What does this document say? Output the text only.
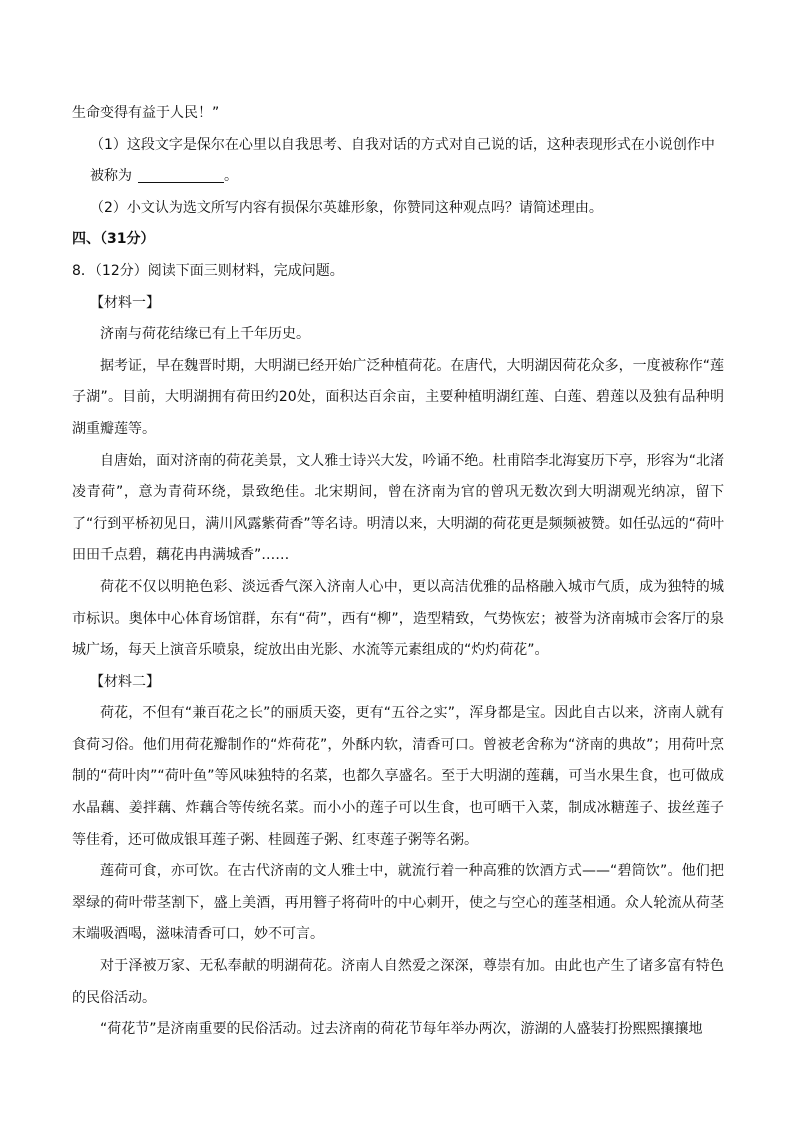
生命变得有益于人民！”

（1）这段文字是保尔在心里以自我思考、自我对话的方式对自己说的话，这种表现形式在小说创作中

被称为	。

（2）小文认为选文所写内容有损保尔英雄形象，你赞同这种观点吗？请简述理由。

四、（31分）

8．（12分）阅读下面三则材料，完成问题。

【材料一】

济南与荷花结缘已有上千年历史。

据考证，早在魏晋时期，大明湖已经开始广泛种植荷花。在唐代，大明湖因荷花众多，一度被称作“莲子湖”。目前，大明湖拥有荷田约20处，面积达百余亩，主要种植明湖红莲、白莲、碧莲以及独有品种明湖重瓣莲等。

自唐始，面对济南的荷花美景，文人雅士诗兴大发，吟诵不绝。杜甫陪李北海宴历下亭，形容为“北渚凌青荷”，意为青荷环绕，景致绝佳。北宋期间，曾在济南为官的曾巩无数次到大明湖观光纳凉，留下了“行到平桥初见日，满川风露紫荷香”等名诗。明清以来，大明湖的荷花更是频频被赞。如任弘远的“荷叶田田千点碧，藕花冉冉满城香”……

荷花不仅以明艳色彩、淡远香气深入济南人心中，更以高洁优雅的品格融入城市气质，成为独特的城市标识。奥体中心体育场馆群，东有“荷”，西有“柳”，造型精致，气势恢宏；被誉为济南城市会客厅的泉城广场，每天上演音乐喷泉，绽放出由光影、水流等元素组成的“灼灼荷花”。

【材料二】

荷花，不但有“兼百花之长”的丽质天姿，更有“五谷之实”，浑身都是宝。因此自古以来，济南人就有食荷习俗。他们用荷花瓣制作的“炸荷花”，外酥内软，清香可口。曾被老舍称为“济南的典故”；用荷叶烹制的“荷叶肉”“荷叶鱼”等风味独特的名菜，也都久享盛名。至于大明湖的莲藕，可当水果生食，也可做成水晶藕、姜拌藕、炸藕合等传统名菜。而小小的莲子可以生食，也可晒干入菜，制成冰糖莲子、拔丝莲子等佳肴，还可做成银耳莲子粥、桂圆莲子粥、红枣莲子粥等名粥。

莲荷可食，亦可饮。在古代济南的文人雅士中，就流行着一种高雅的饮酒方式——“碧筒饮”。他们把翠绿的荷叶带茎割下，盛上美酒，再用簪子将荷叶的中心刺开，使之与空心的莲茎相通。众人轮流从荷茎末端吸酒喝，滋味清香可口，妙不可言。

对于泽被万家、无私奉献的明湖荷花。济南人自然爱之深深，尊崇有加。由此也产生了诸多富有特色的民俗活动。

“荷花节”是济南重要的民俗活动。过去济南的荷花节每年举办两次，游湖的人盛装打扮熙熙攘攘地
